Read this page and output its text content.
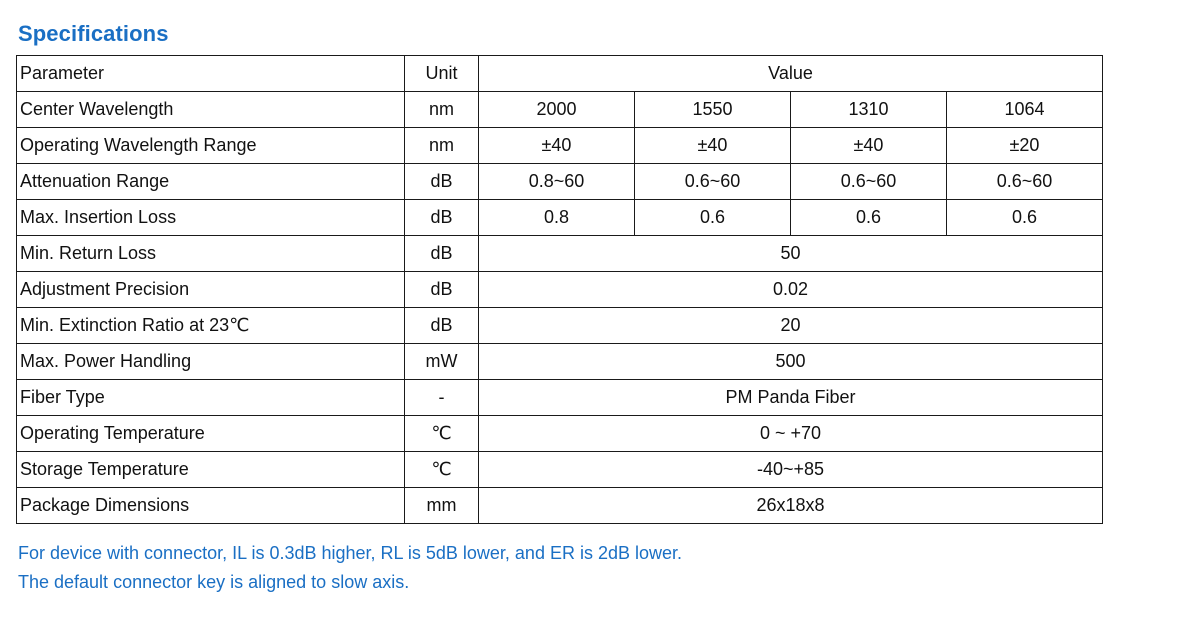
Specifications
Parameter	Unit	Value			
Center Wavelength	nm	2000	1550	1310	1064
Operating Wavelength Range	nm	±40	±40	±40	±20
Attenuation Range	dB	0.8~60	0.6~60	0.6~60	0.6~60
Max. Insertion Loss	dB	0.8	0.6	0.6	0.6
Min. Return Loss	dB	50			
Adjustment Precision	dB	0.02			
Min. Extinction Ratio at 23℃	dB	20			
Max. Power Handling	mW	500			
Fiber Type	-	PM Panda Fiber			
Operating Temperature	℃	0 ~ +70			
Storage Temperature	℃	-40~+85			
Package Dimensions	mm	26x18x8			
For device with connector, IL is 0.3dB higher, RL is 5dB lower, and ER is 2dB lower.
The default connector key is aligned to slow axis.
